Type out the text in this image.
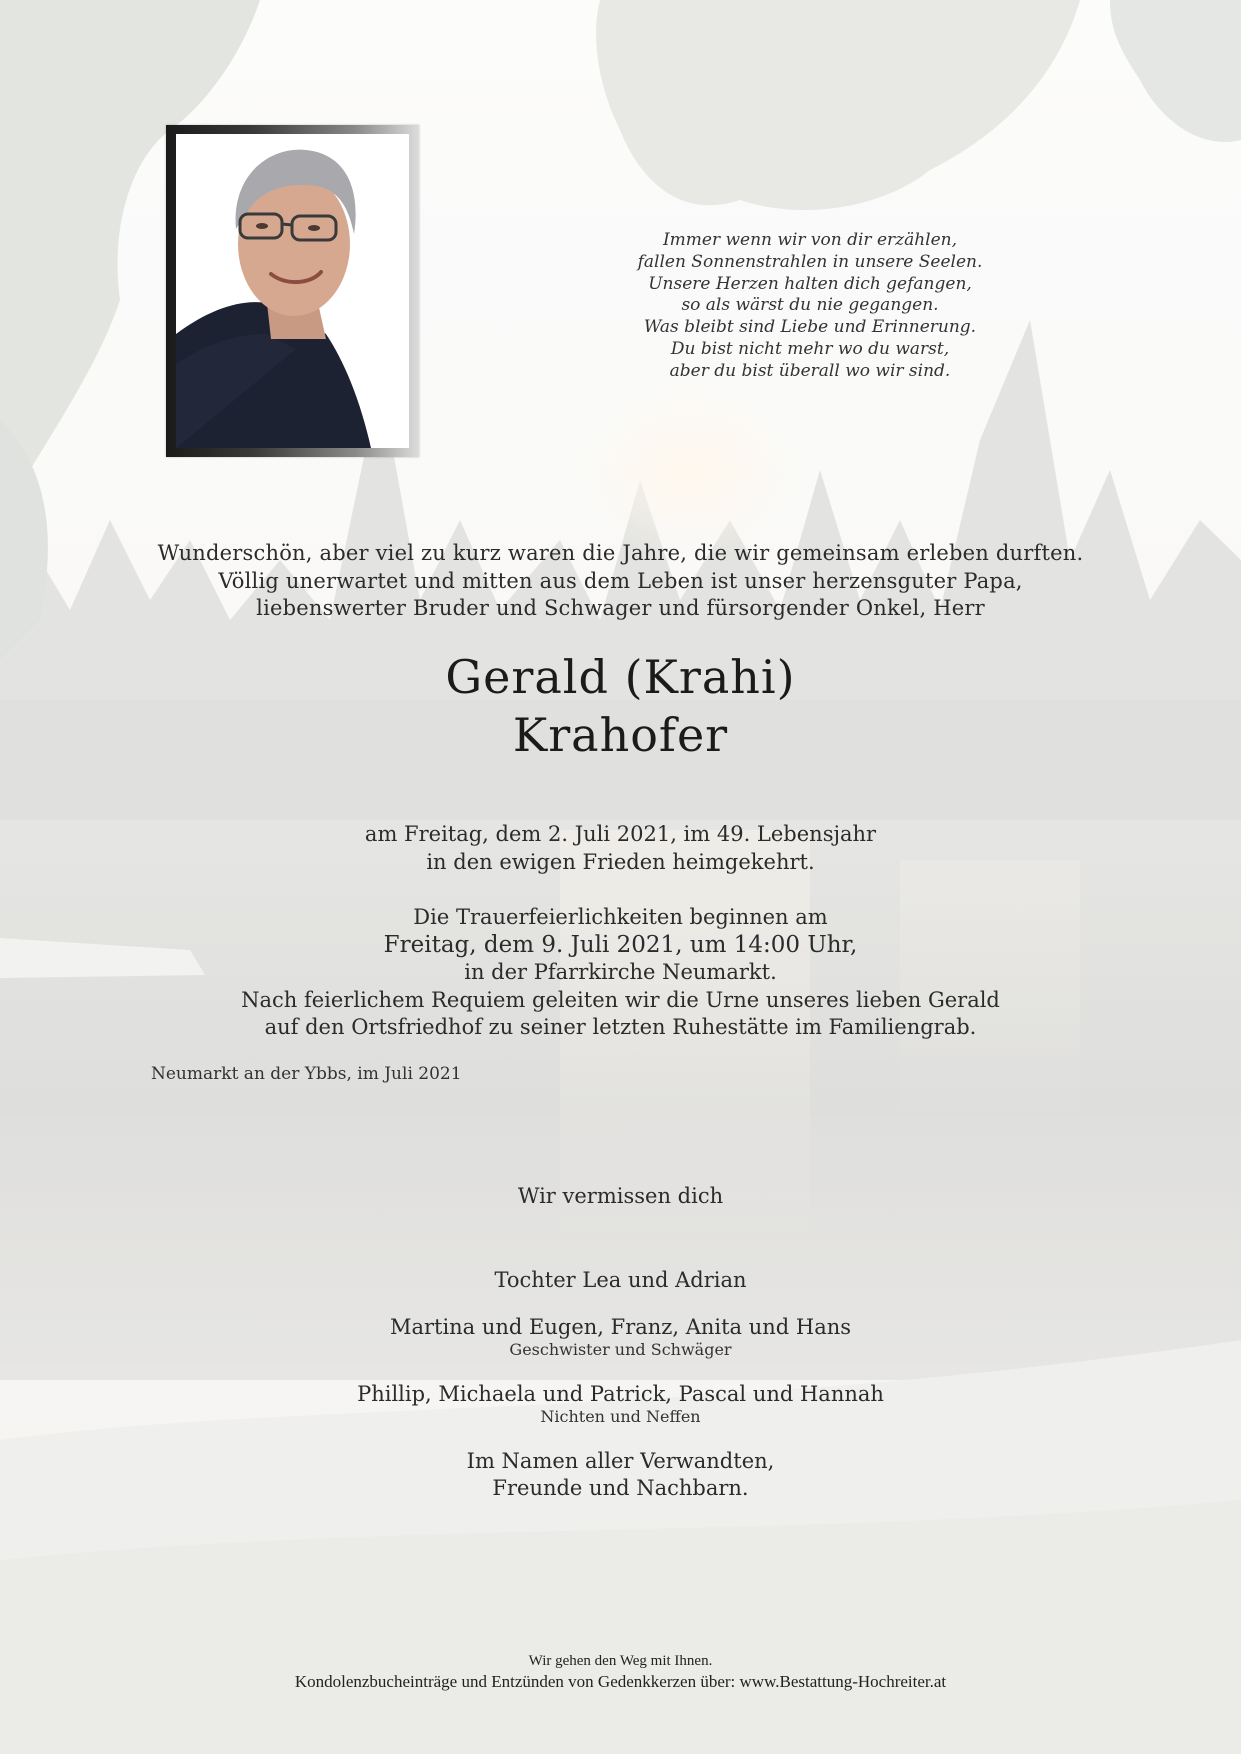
Immer wenn wir von dir erzählen,
fallen Sonnenstrahlen in unsere Seelen.
Unsere Herzen halten dich gefangen,
so als wärst du nie gegangen.
Was bleibt sind Liebe und Erinnerung.
Du bist nicht mehr wo du warst,
aber du bist überall wo wir sind.
Wunderschön, aber viel zu kurz waren die Jahre, die wir gemeinsam erleben durften.
Völlig unerwartet und mitten aus dem Leben ist unser herzensguter Papa,
liebenswerter Bruder und Schwager und fürsorgender Onkel, Herr
Gerald (Krahi)
Krahofer
am Freitag, dem 2. Juli 2021, im 49. Lebensjahr
in den ewigen Frieden heimgekehrt.
Die Trauerfeierlichkeiten beginnen am
Freitag, dem 9. Juli 2021, um 14:00 Uhr,
in der Pfarrkirche Neumarkt.
Nach feierlichem Requiem geleiten wir die Urne unseres lieben Gerald
auf den Ortsfriedhof zu seiner letzten Ruhestätte im Familiengrab.
Neumarkt an der Ybbs, im Juli 2021
Wir vermissen dich
Tochter Lea und Adrian
Martina und Eugen, Franz, Anita und Hans
Geschwister und Schwäger
Phillip, Michaela und Patrick, Pascal und Hannah
Nichten und Neffen
Im Namen aller Verwandten,
Freunde und Nachbarn.
Wir gehen den Weg mit Ihnen.
Kondolenzbucheinträge und Entzünden von Gedenkkerzen über: www.Bestattung-Hochreiter.at
